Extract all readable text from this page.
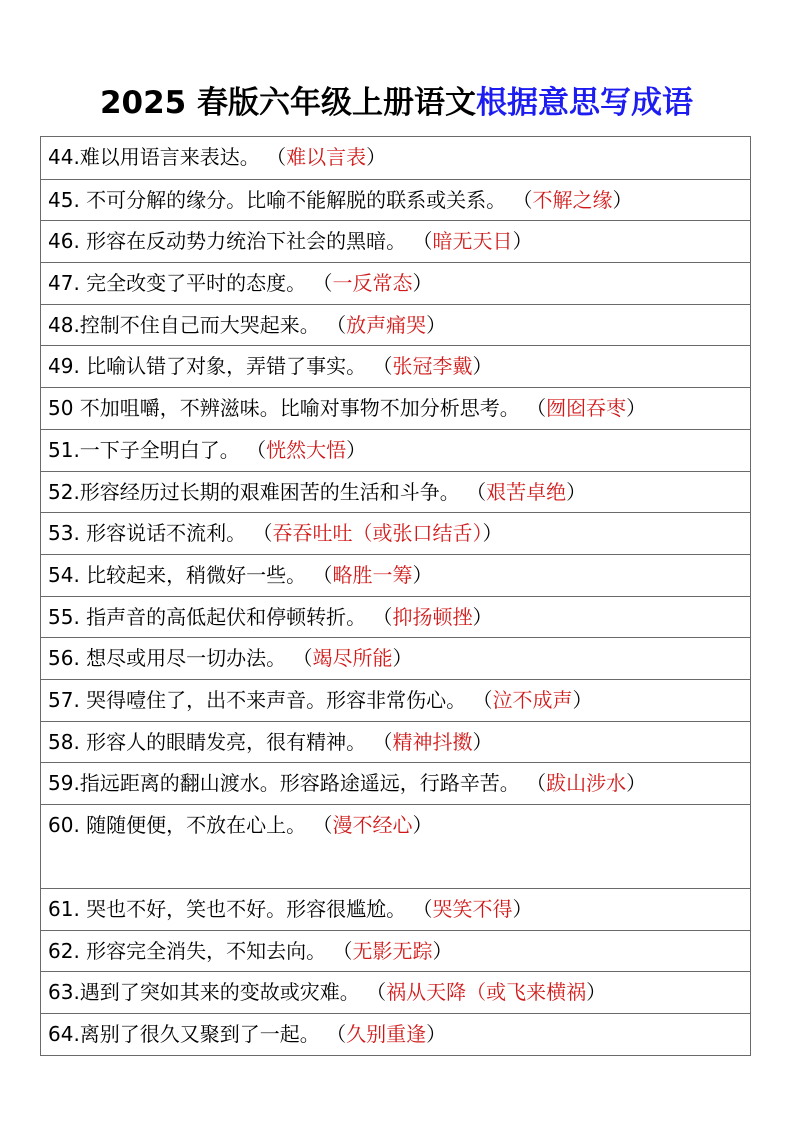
2025 春版六年级上册语文根据意思写成语
44.难以用语言来表达。 （难以言表）
45. 不可分解的缘分。比喻不能解脱的联系或关系。 （不解之缘）
46. 形容在反动势力统治下社会的黑暗。 （暗无天日）
47. 完全改变了平时的态度。 （一反常态）
48.控制不住自己而大哭起来。 （放声痛哭）
49. 比喻认错了对象，弄错了事实。 （张冠李戴）
50 不加咀嚼，不辨滋味。比喻对事物不加分析思考。 （囫囵吞枣）
51.一下子全明白了。 （恍然大悟）
52.形容经历过长期的艰难困苦的生活和斗争。 （艰苦卓绝）
53. 形容说话不流利。 （吞吞吐吐（或张口结舌））
54. 比较起来，稍微好一些。 （略胜一筹）
55. 指声音的高低起伏和停顿转折。 （抑扬顿挫）
56. 想尽或用尽一切办法。 （竭尽所能）
57. 哭得噎住了，出不来声音。形容非常伤心。 （泣不成声）
58. 形容人的眼睛发亮，很有精神。 （精神抖擞）
59.指远距离的翻山渡水。形容路途遥远，行路辛苦。 （跋山涉水）
60. 随随便便，不放在心上。 （漫不经心）
61. 哭也不好，笑也不好。形容很尴尬。 （哭笑不得）
62. 形容完全消失，不知去向。 （无影无踪）
63.遇到了突如其来的变故或灾难。 （祸从天降（或飞来横祸）
64.离别了很久又聚到了一起。 （久别重逢）
